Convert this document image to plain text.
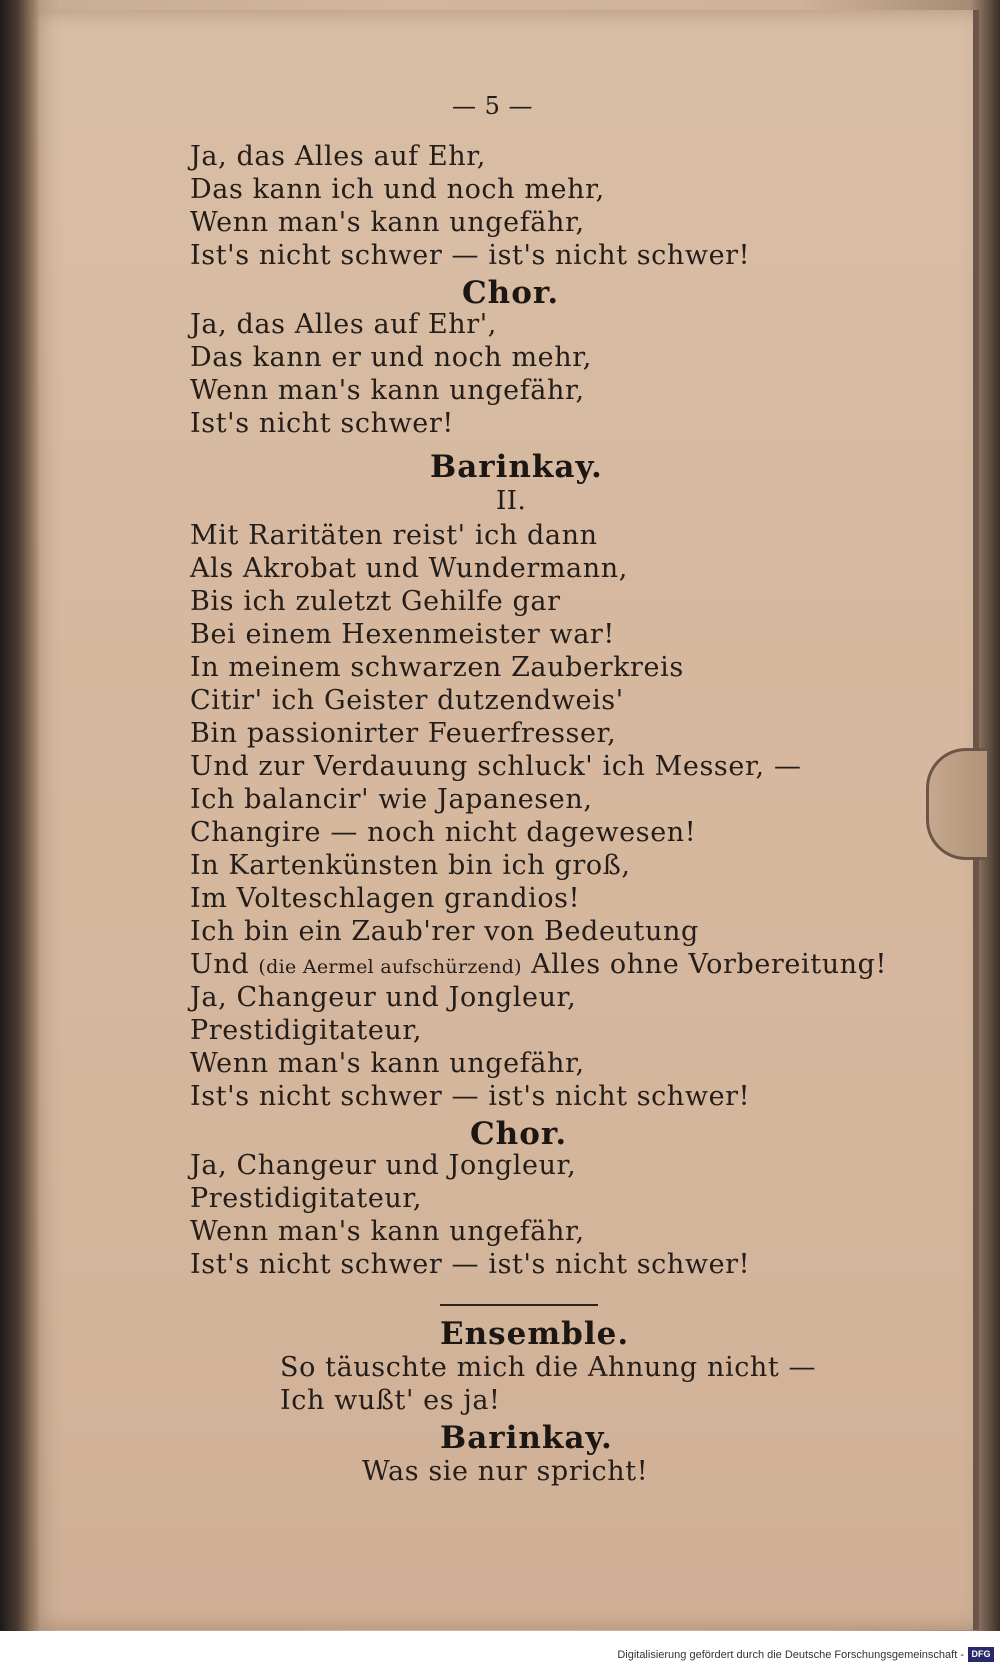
— 5 —
Ja, das Alles auf Ehr,
Das kann ich und noch mehr,
Wenn man's kann ungefähr,
Ist's nicht schwer — ist's nicht schwer!
Chor.
Ja, das Alles auf Ehr',
Das kann er und noch mehr,
Wenn man's kann ungefähr,
Ist's nicht schwer!
Barinkay.
II.
Mit Raritäten reist' ich dann
Als Akrobat und Wundermann,
Bis ich zuletzt Gehilfe gar
Bei einem Hexenmeister war!
In meinem schwarzen Zauberkreis
Citir' ich Geister dutzendweis'
Bin passionirter Feuerfresser,
Und zur Verdauung schluck' ich Messer, —
Ich balancir' wie Japanesen,
Changire — noch nicht dagewesen!
In Kartenkünsten bin ich groß,
Im Volteschlagen grandios!
Ich bin ein Zaub'rer von Bedeutung
Und (die Aermel aufschürzend) Alles ohne Vorbereitung!
Ja, Changeur und Jongleur,
Prestidigitateur,
Wenn man's kann ungefähr,
Ist's nicht schwer — ist's nicht schwer!
Chor.
Ja, Changeur und Jongleur,
Prestidigitateur,
Wenn man's kann ungefähr,
Ist's nicht schwer — ist's nicht schwer!
Ensemble.
So täuschte mich die Ahnung nicht —
Ich wußt' es ja!
Barinkay.
Was sie nur spricht!
Digitalisierung gefördert durch die Deutsche Forschungsgemeinschaft - DFG
